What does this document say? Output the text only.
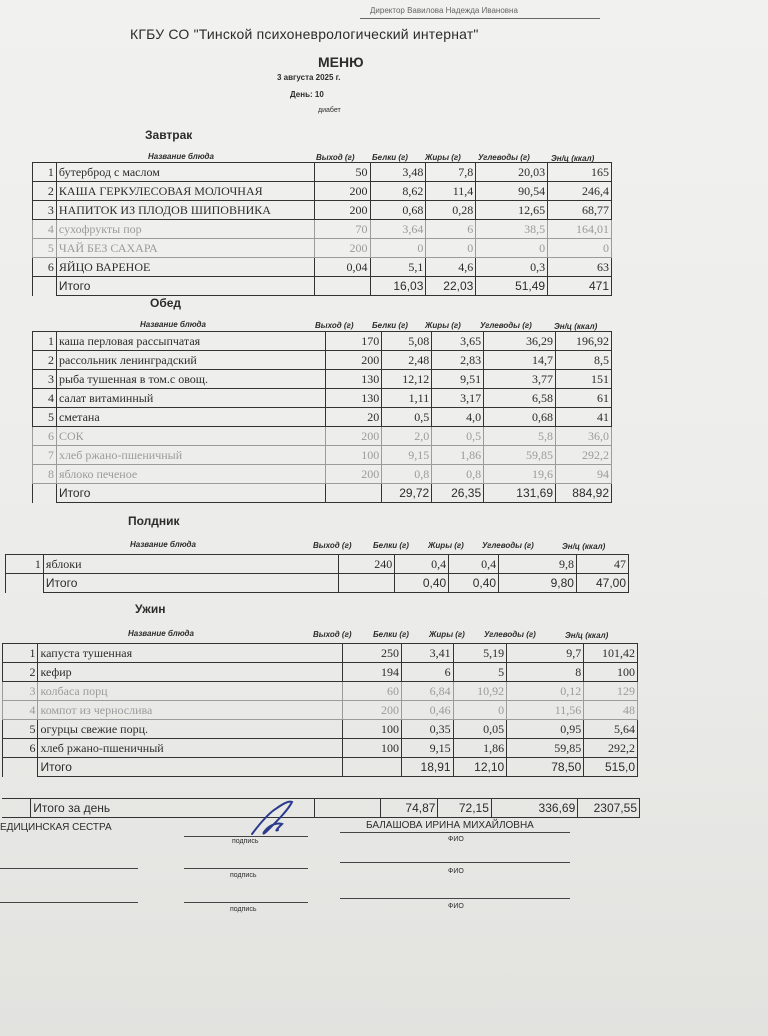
Директор Вавилова Надежда Ивановна
КГБУ СО "Тинской психоневрологический интернат"
МЕНЮ
3 августа 2025 г.
День: 10
диабет
Завтрак
Название блюда	Выход (г) Белки (г) Жиры (г) Углеводы (г)	Эн/ц (ккал)
1	бутерброд с маслом	50	3,48	7,8	20,03	165
2	КАША ГЕРКУЛЕСОВАЯ МОЛОЧНАЯ	200	8,62	11,4	90,54	246,4
3	НАПИТОК ИЗ ПЛОДОВ ШИПОВНИКА	200	0,68	0,28	12,65	68,77
4	сухофрукты пор	70	3,64	6	38,5	164,01
5	ЧАЙ БЕЗ САХАРА	200	0	0	0	0
6	ЯЙЦО ВАРЕНОЕ	0,04	5,1	4,6	0,3	63
	Итого		16,03	22,03	51,49	471
Обед
Название блюда	Выход (г) Белки (г) Жиры (г) Углеводы (г)	Эн/ц (ккал)
1	каша перловая рассыпчатая	170	5,08	3,65	36,29	196,92
2	рассольник ленинградский	200	2,48	2,83	14,7	8,5
3	рыба тушенная в том.с овощ.	130	12,12	9,51	3,77	151
4	салат витаминный	130	1,11	3,17	6,58	61
5	сметана	20	0,5	4,0	0,68	41
6	СОК	200	2,0	0,5	5,8	36,0
7	хлеб ржано-пшеничный	100	9,15	1,86	59,85	292,2
8	яблоко печеное	200	0,8	0,8	19,6	94
	Итого		29,72	26,35	131,69	884,92
Полдник
Название блюда	Выход (г)	Белки (г) Жиры (г) Углеводы (г)	Эн/ц (ккал)
1	яблоки	240	0,4	0,4	9,8	47
	Итого		0,40	0,40	9,80	47,00
Ужин
Название блюда	Выход (г)	Белки (г)	Жиры (г) Углеводы (г)	Эн/ц (ккал)
1	капуста тушенная	250	3,41	5,19	9,7	101,42
2	кефир	194	6	5	8	100
3	колбаса порц	60	6,84	10,92	0,12	129
4	компот из чернослива	200	0,46	0	11,56	48
5	огурцы свежие порц.	100	0,35	0,05	0,95	5,64
6	хлеб ржано-пшеничный	100	9,15	1,86	59,85	292,2
	Итого		18,91	12,10	78,50	515,0
	Итого за день		74,87	72,15	336,69	2307,55
ЕДИЦИНСКАЯ СЕСТРА	БАЛАШОВА ИРИНА МИХАЙЛОВНА
подпись	ФИО
подпись
ФИО
подпись	ФИО
